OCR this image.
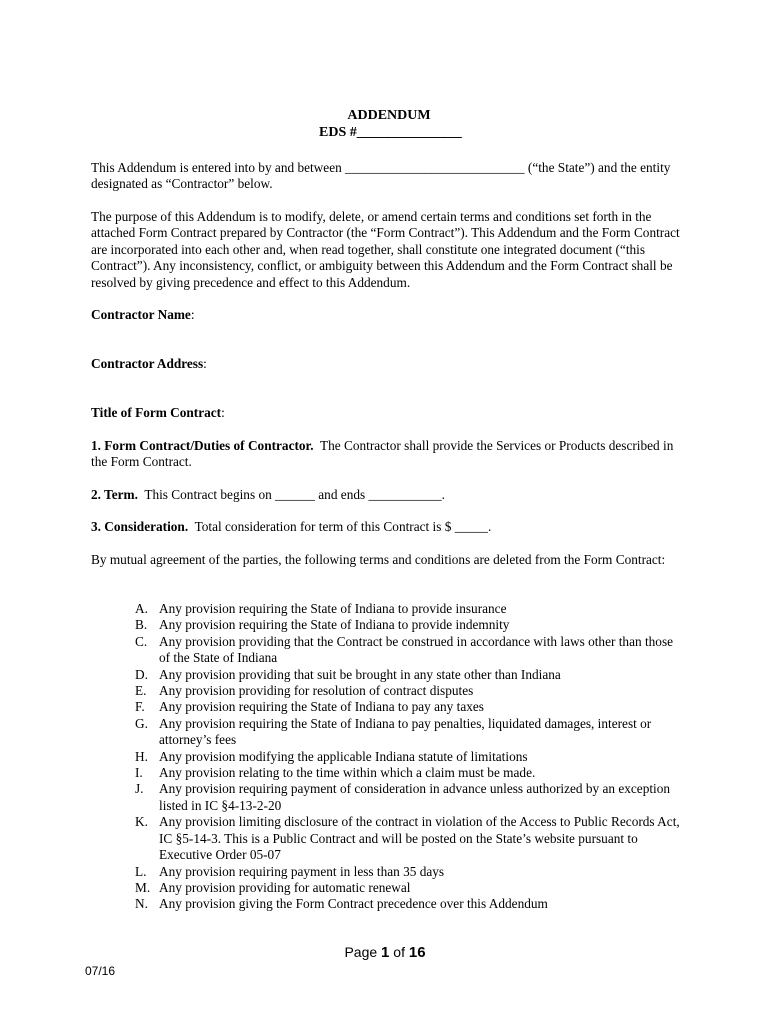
ADDENDUM
EDS #_______________

This Addendum is entered into by and between ___________________________ (“the State”) and the entity designated as “Contractor” below.

The purpose of this Addendum is to modify, delete, or amend certain terms and conditions set forth in the attached Form Contract prepared by Contractor (the “Form Contract”). This Addendum and the Form Contract are incorporated into each other and, when read together, shall constitute one integrated document (“this Contract”). Any inconsistency, conflict, or ambiguity between this Addendum and the Form Contract shall be resolved by giving precedence and effect to this Addendum.

Contractor Name:
Contractor Address:
Title of Form Contract:

1. Form Contract/Duties of Contractor.  The Contractor shall provide the Services or Products described in the Form Contract.

2. Term.  This Contract begins on ______ and ends ___________.

3. Consideration.  Total consideration for term of this Contract is $ _____.

By mutual agreement of the parties, the following terms and conditions are deleted from the Form Contract:

A. Any provision requiring the State of Indiana to provide insurance
B. Any provision requiring the State of Indiana to provide indemnity
C. Any provision providing that the Contract be construed in accordance with laws other than those of the State of Indiana
D. Any provision providing that suit be brought in any state other than Indiana
E. Any provision providing for resolution of contract disputes
F.	Any provision requiring the State of Indiana to pay any taxes
G. Any provision requiring the State of Indiana to pay penalties, liquidated damages, interest or attorney’s fees
H. Any provision modifying the applicable Indiana statute of limitations
I.	Any provision relating to the time within which a claim must be made.
J.	Any provision requiring payment of consideration in advance unless authorized by an exception listed in IC §4-13-2-20
K. Any provision limiting disclosure of the contract in violation of the Access to Public Records Act, IC §5-14-3. This is a Public Contract and will be posted on the State’s website pursuant to Executive Order 05-07
L. Any provision requiring payment in less than 35 days
M. Any provision providing for automatic renewal
N. Any provision giving the Form Contract precedence over this Addendum
Page 1 of 16
07/16
